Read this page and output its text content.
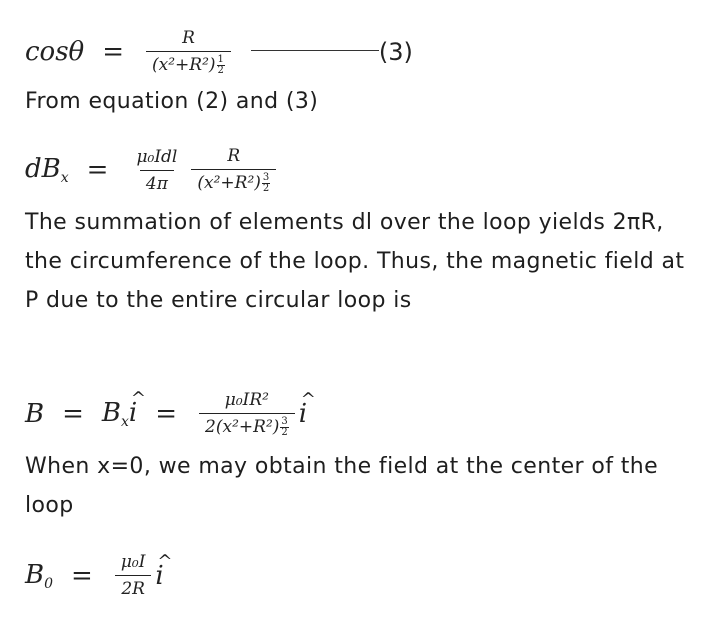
$\cos\theta = \frac{R}{(x^2+R^2) \frac{1}{2}}$	(3)
From equation (2) and (3)
$dB_x = \frac{\text{μ₀Idl}}{4\pi} \frac{R}{(x^2+R^2) \frac{3}{2}}$
The summation of elements dl over the loop yields 2πR, the circumference of the loop. Thus, the magnetic field at P due to the entire circular loop is
$B = B_x\^{}$ $i = \frac{\text{μ₀IR²}}{2(x^2+R^2) \frac{3}{2}}$ ^ i
When x=0, we may obtain the field at the center of the loop
$B_0 = \frac{\text{μ₀I}}{2R}$ ^ i
